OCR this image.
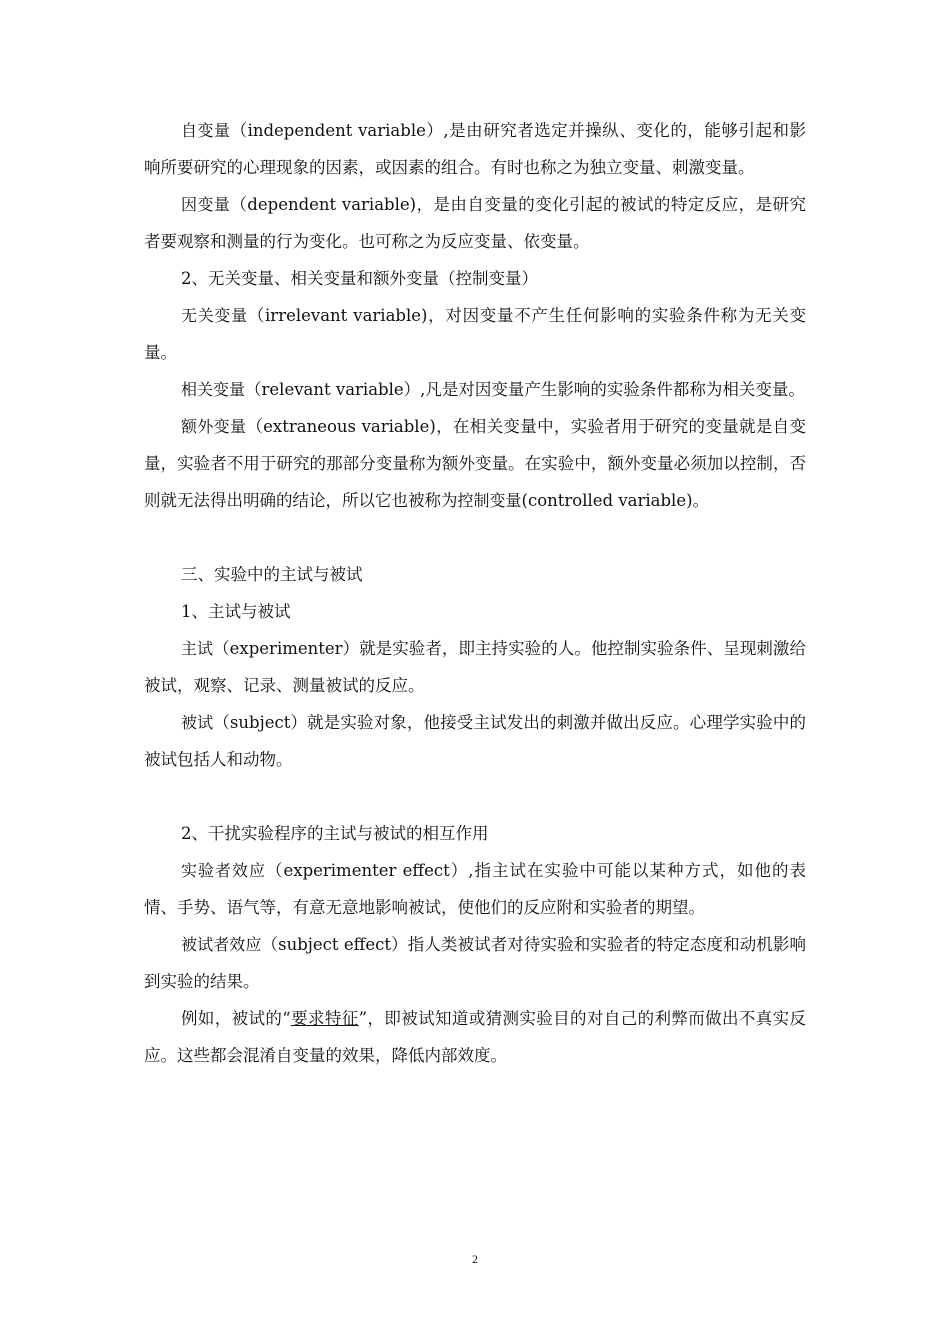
自变量（independent variable）,是由研究者选定并操纵、变化的，能够引起和影响所要研究的心理现象的因素，或因素的组合。有时也称之为独立变量、刺激变量。

因变量（dependent variable)，是由自变量的变化引起的被试的特定反应，是研究者要观察和测量的行为变化。也可称之为反应变量、依变量。

2、无关变量、相关变量和额外变量（控制变量）

无关变量（irrelevant variable)，对因变量不产生任何影响的实验条件称为无关变量。

相关变量（relevant variable）,凡是对因变量产生影响的实验条件都称为相关变量。

额外变量（extraneous variable)，在相关变量中，实验者用于研究的变量就是自变量，实验者不用于研究的那部分变量称为额外变量。在实验中，额外变量必须加以控制，否则就无法得出明确的结论，所以它也被称为控制变量(controlled variable)。

三、实验中的主试与被试

1、主试与被试

主试（experimenter）就是实验者，即主持实验的人。他控制实验条件、呈现刺激给被试，观察、记录、测量被试的反应。

被试（subject）就是实验对象，他接受主试发出的刺激并做出反应。心理学实验中的被试包括人和动物。

2、干扰实验程序的主试与被试的相互作用

实验者效应（experimenter effect）,指主试在实验中可能以某种方式，如他的表情、手势、语气等，有意无意地影响被试，使他们的反应附和实验者的期望。

被试者效应（subject effect）指人类被试者对待实验和实验者的特定态度和动机影响到实验的结果。

例如，被试的“要求特征”，即被试知道或猜测实验目的对自己的利弊而做出不真实反应。这些都会混淆自变量的效果，降低内部效度。

2
